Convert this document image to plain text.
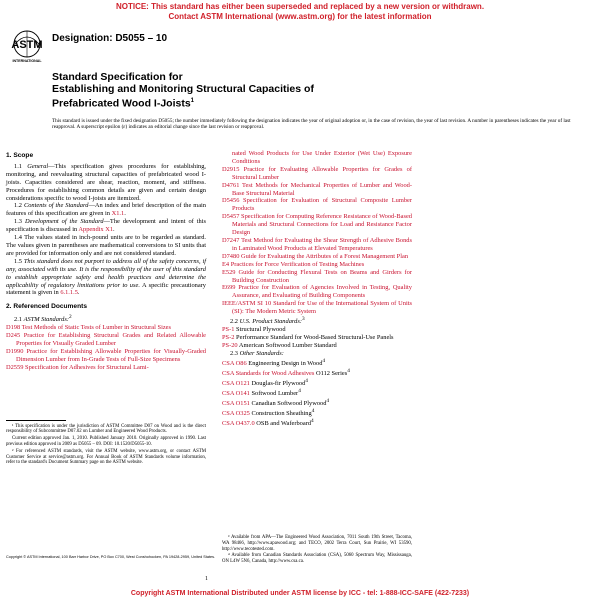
NOTICE: This standard has either been superseded and replaced by a new version or withdrawn.
Contact ASTM International (www.astm.org) for the latest information
ASTM
INTERNATIONAL
Designation: D5055 – 10
Standard Specification for
Establishing and Monitoring Structural Capacities of
Prefabricated Wood I-Joists$^1$
This standard is issued under the fixed designation D5055; the number immediately following the designation indicates the year of original adoption or, in the case of revision, the year of last revision. A number in parentheses indicates the year of last reapproval. A superscript epsilon (ε) indicates an editorial change since the last revision or reapproval.

1. Scope

1.1 General—This specification gives procedures for establishing, monitoring, and reevaluating structural capacities of prefabricated wood I-joists. Capacities considered are shear, reaction, moment, and stiffness. Procedures for establishing common details are given and certain design considerations specific to wood I-joists are itemized.

1.2 Contents of the Standard—An index and brief description of the main features of this specification are given in X1.1.

1.3 Development of the Standard—The development and intent of this specification is discussed in Appendix X1.

1.4 The values stated in inch-pound units are to be regarded as standard. The values given in parentheses are mathematical conversions to SI units that are provided for information only and are not considered standard.

1.5 This standard does not purport to address all of the safety concerns, if any, associated with its use. It is the responsibility of the user of this standard to establish appropriate safety and health practices and determine the applicability of regulatory limitations prior to use. A specific precautionary statement is given in 6.1.1.5.

2. Referenced Documents

2.1 ASTM Standards:$^2$

D198 Test Methods of Static Tests of Lumber in Structural Sizes

D245 Practice for Establishing Structural Grades and Related Allowable Properties for Visually Graded Lumber

D1990 Practice for Establishing Allowable Properties for Visually-Graded Dimension Lumber from In-Grade Tests of Full-Size Specimens

D2559 Specification for Adhesives for Structural Lami-

¹ This specification is under the jurisdiction of ASTM Committee D07 on Wood and is the direct responsibility of Subcommittee D07.02 on Lumber and Engineered Wood Products.

Current edition approved Jan. 1, 2010. Published January 2010. Originally approved in 1990. Last previous edition approved in 2009 as D5055 – 09. DOI: 10.1520/D5055-10.

² For referenced ASTM standards, visit the ASTM website, www.astm.org, or contact ASTM Customer Service at service@astm.org. For Annual Book of ASTM Standards volume information, refer to the standard's Document Summary page on the ASTM website.

nated Wood Products for Use Under Exterior (Wet Use) Exposure Conditions

D2915 Practice for Evaluating Allowable Properties for Grades of Structural Lumber

D4761 Test Methods for Mechanical Properties of Lumber and Wood-Base Structural Material

D5456 Specification for Evaluation of Structural Composite Lumber Products

D5457 Specification for Computing Reference Resistance of Wood-Based Materials and Structural Connections for Load and Resistance Factor Design

D7247 Test Method for Evaluating the Shear Strength of Adhesive Bonds in Laminated Wood Products at Elevated Temperatures

D7480 Guide for Evaluating the Attributes of a Forest Management Plan

E4 Practices for Force Verification of Testing Machines

E529 Guide for Conducting Flexural Tests on Beams and Girders for Building Construction

E699 Practice for Evaluation of Agencies Involved in Testing, Quality Assurance, and Evaluating of Building Components

IEEE/ASTM SI 10 Standard for Use of the International System of Units (SI): The Modern Metric System

2.2 U.S. Product Standards:$^3$

PS-1 Structural Plywood

PS-2 Performance Standard for Wood-Based Structural-Use Panels

PS-20 American Softwood Lumber Standard

2.3 Other Standards:

CSA O86 Engineering Design in Wood$^4$

CSA Standards for Wood Adhesives O112 Series$^4$

CSA O121 Douglas-fir Plywood$^4$

CSA O141 Softwood Lumber$^4$

CSA O151 Canadian Softwood Plywood$^4$

CSA O325 Construction Sheathing$^4$

CSA O437.0 OSB and Waferboard$^4$

³ Available from APA—The Engineered Wood Association, 7011 South 19th Street, Tacoma, WA 98466, http://www.apawood.org; and TECO, 2002 Terra Court, Sun Prairie, WI 53590, http://www.tecotested.com.

⁴ Available from Canadian Standards Association (CSA), 5060 Spectrum Way, Mississauga, ON L4W 5N6, Canada, http://www.csa.ca.

Copyright © ASTM International, 100 Barr Harbor Drive, PO Box C700, West Conshohocken, PA 19428-2959, United States.
1
Copyright ASTM International Distributed under ASTM license by ICC - tel: 1-888-ICC-SAFE (422-7233)
